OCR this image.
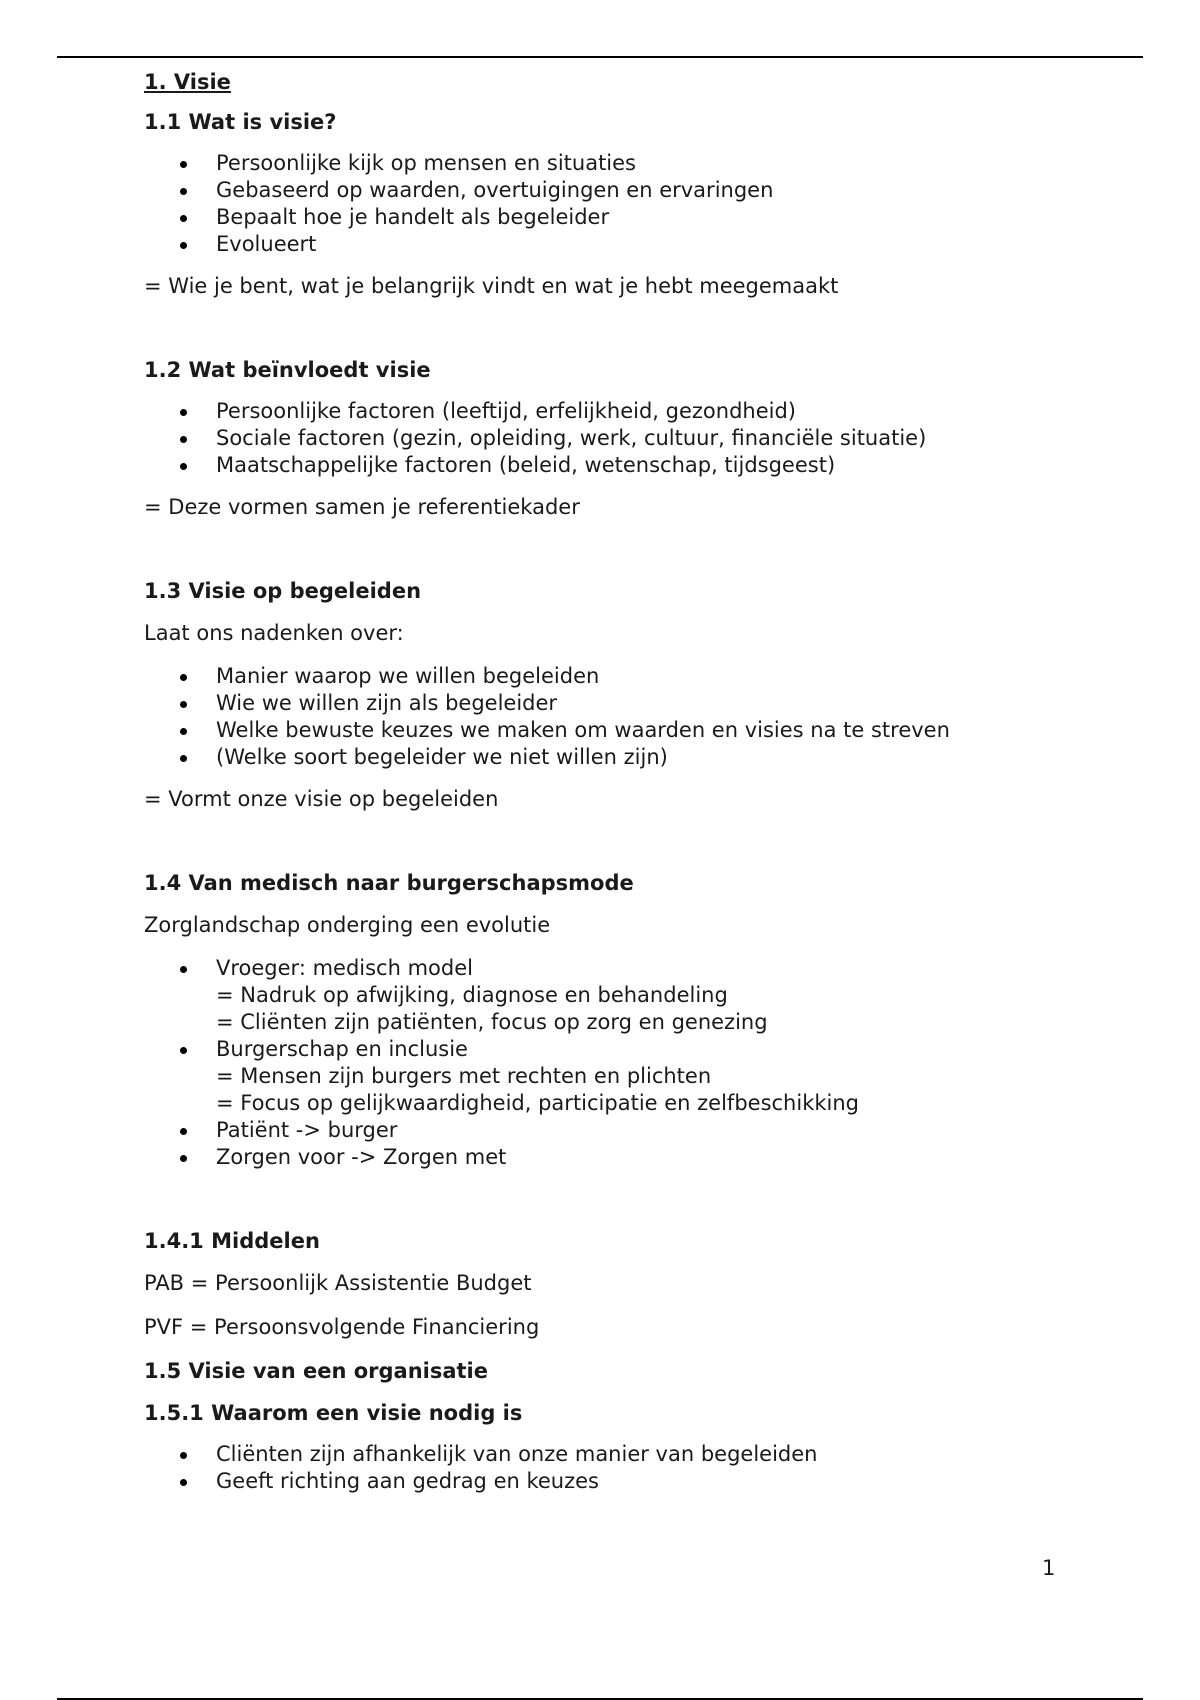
1. Visie
1.1 Wat is visie?
Persoonlijke kijk op mensen en situaties
Gebaseerd op waarden, overtuigingen en ervaringen
Bepaalt hoe je handelt als begeleider
Evolueert

= Wie je bent, wat je belangrijk vindt en wat je hebt meegemaakt

1.2 Wat beïnvloedt visie
Persoonlijke factoren (leeftijd, erfelijkheid, gezondheid)
Sociale factoren (gezin, opleiding, werk, cultuur, financiële situatie)
Maatschappelijke factoren (beleid, wetenschap, tijdsgeest)

= Deze vormen samen je referentiekader

1.3 Visie op begeleiden

Laat ons nadenken over:

Manier waarop we willen begeleiden
Wie we willen zijn als begeleider
Welke bewuste keuzes we maken om waarden en visies na te streven
(Welke soort begeleider we niet willen zijn)

= Vormt onze visie op begeleiden

1.4 Van medisch naar burgerschapsmode

Zorglandschap onderging een evolutie

Vroeger: medisch model
= Nadruk op afwijking, diagnose en behandeling
= Cliënten zijn patiënten, focus op zorg en genezing
Burgerschap en inclusie
= Mensen zijn burgers met rechten en plichten
= Focus op gelijkwaardigheid, participatie en zelfbeschikking
Patiënt -> burger
Zorgen voor -> Zorgen met
1.4.1 Middelen

PAB = Persoonlijk Assistentie Budget

PVF = Persoonsvolgende Financiering

1.5 Visie van een organisatie
1.5.1 Waarom een visie nodig is
Cliënten zijn afhankelijk van onze manier van begeleiden
Geeft richting aan gedrag en keuzes
1
